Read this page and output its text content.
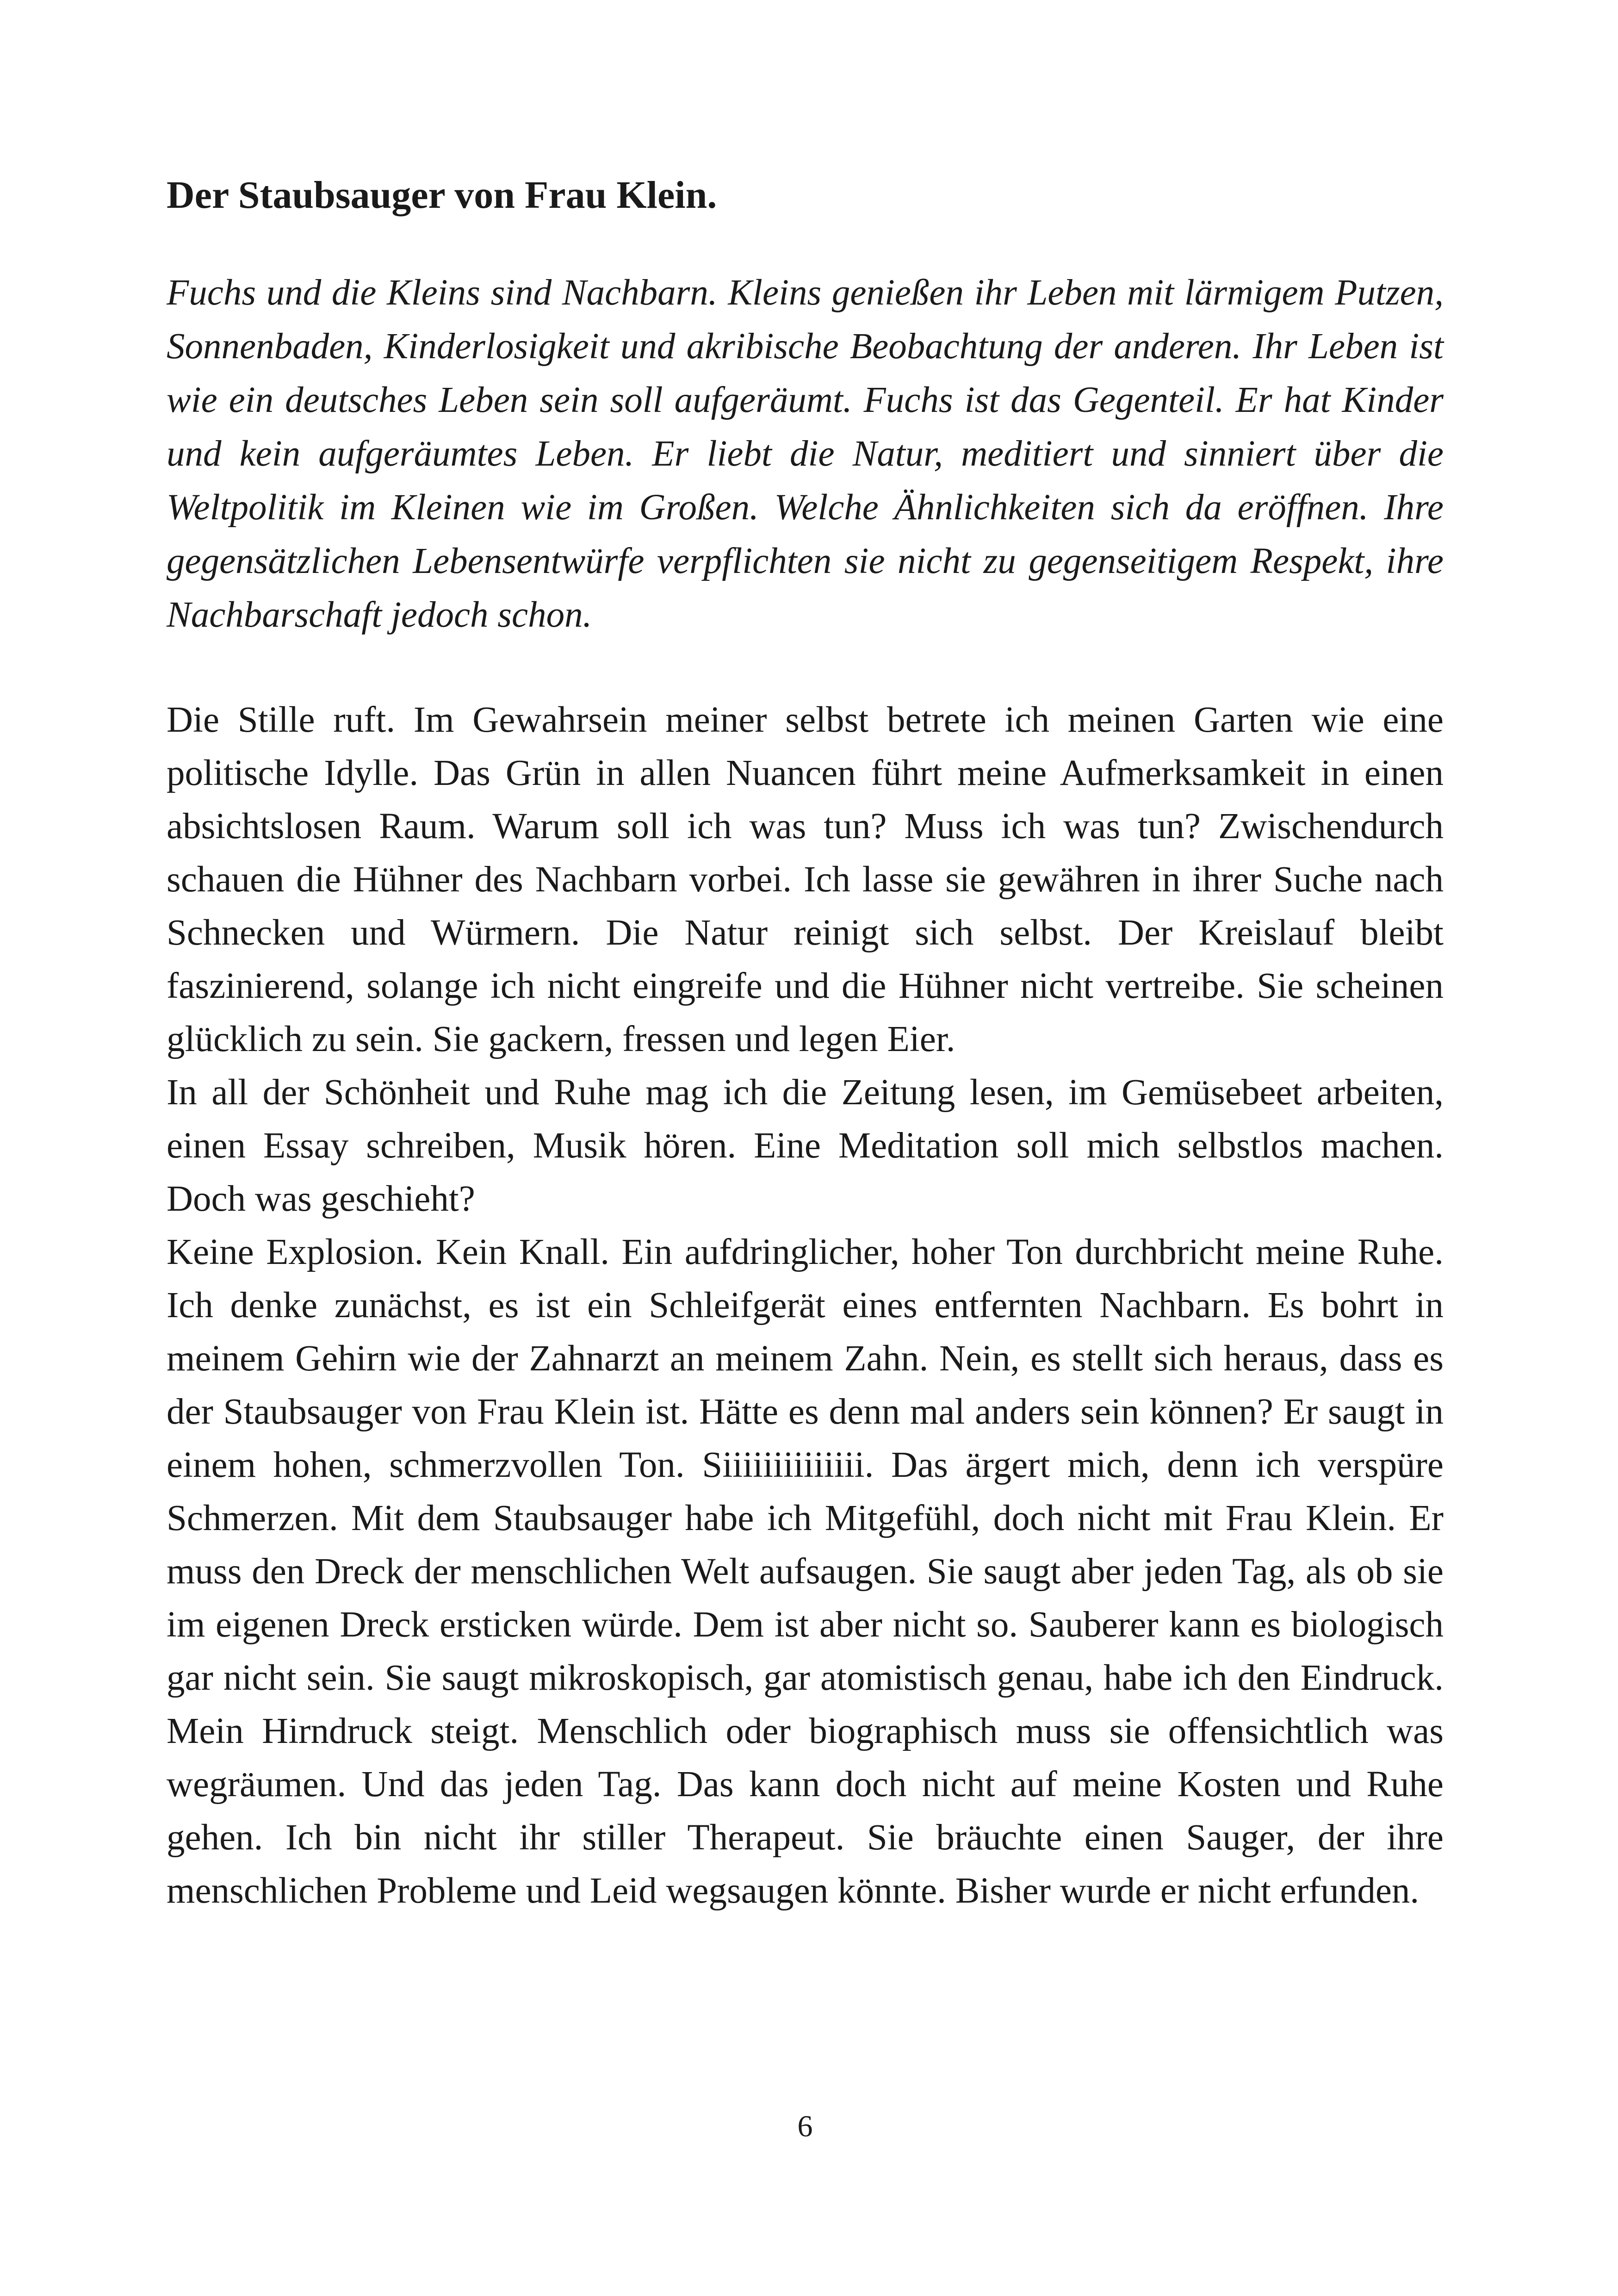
Der Staubsauger von Frau Klein.

Fuchs und die Kleins sind Nachbarn. Kleins genießen ihr Leben mit lärmigem Putzen, Sonnenbaden, Kinderlosigkeit und akribische Beobachtung der anderen. Ihr Leben ist wie ein deutsches Leben sein soll aufgeräumt. Fuchs ist das Gegenteil. Er hat Kinder und kein aufgeräumtes Leben. Er liebt die Natur, meditiert und sinniert über die Weltpolitik im Kleinen wie im Großen. Welche Ähnlichkeiten sich da eröffnen. Ihre gegensätzlichen Lebensentwürfe verpflichten sie nicht zu gegenseitigem Respekt, ihre Nachbarschaft jedoch schon.

Die Stille ruft. Im Gewahrsein meiner selbst betrete ich meinen Garten wie eine politische Idylle. Das Grün in allen Nuancen führt meine Aufmerksamkeit in einen absichtslosen Raum. Warum soll ich was tun? Muss ich was tun? Zwischendurch schauen die Hühner des Nachbarn vorbei. Ich lasse sie gewähren in ihrer Suche nach Schnecken und Würmern. Die Natur reinigt sich selbst. Der Kreislauf bleibt faszinierend, solange ich nicht eingreife und die Hühner nicht vertreibe. Sie scheinen glücklich zu sein. Sie gackern, fressen und legen Eier.

In all der Schönheit und Ruhe mag ich die Zeitung lesen, im Gemüsebeet arbeiten, einen Essay schreiben, Musik hören. Eine Meditation soll mich selbstlos machen. Doch was geschieht?

Keine Explosion. Kein Knall. Ein aufdringlicher, hoher Ton durchbricht meine Ruhe. Ich denke zunächst, es ist ein Schleifgerät eines entfernten Nachbarn. Es bohrt in meinem Gehirn wie der Zahnarzt an meinem Zahn. Nein, es stellt sich heraus, dass es der Staubsauger von Frau Klein ist. Hätte es denn mal anders sein können? Er saugt in einem hohen, schmerzvollen Ton. Siiiiiiiiiiiiii. Das ärgert mich, denn ich verspüre Schmerzen. Mit dem Staubsauger habe ich Mitgefühl, doch nicht mit Frau Klein. Er muss den Dreck der menschlichen Welt aufsaugen. Sie saugt aber jeden Tag, als ob sie im eigenen Dreck ersticken würde. Dem ist aber nicht so. Sauberer kann es biologisch gar nicht sein. Sie saugt mikroskopisch, gar atomistisch genau, habe ich den Eindruck. Mein Hirndruck steigt. Menschlich oder biographisch muss sie offensichtlich was wegräumen. Und das jeden Tag. Das kann doch nicht auf meine Kosten und Ruhe gehen. Ich bin nicht ihr stiller Therapeut. Sie bräuchte einen Sauger, der ihre menschlichen Probleme und Leid wegsaugen könnte. Bisher wurde er nicht erfunden.

6
